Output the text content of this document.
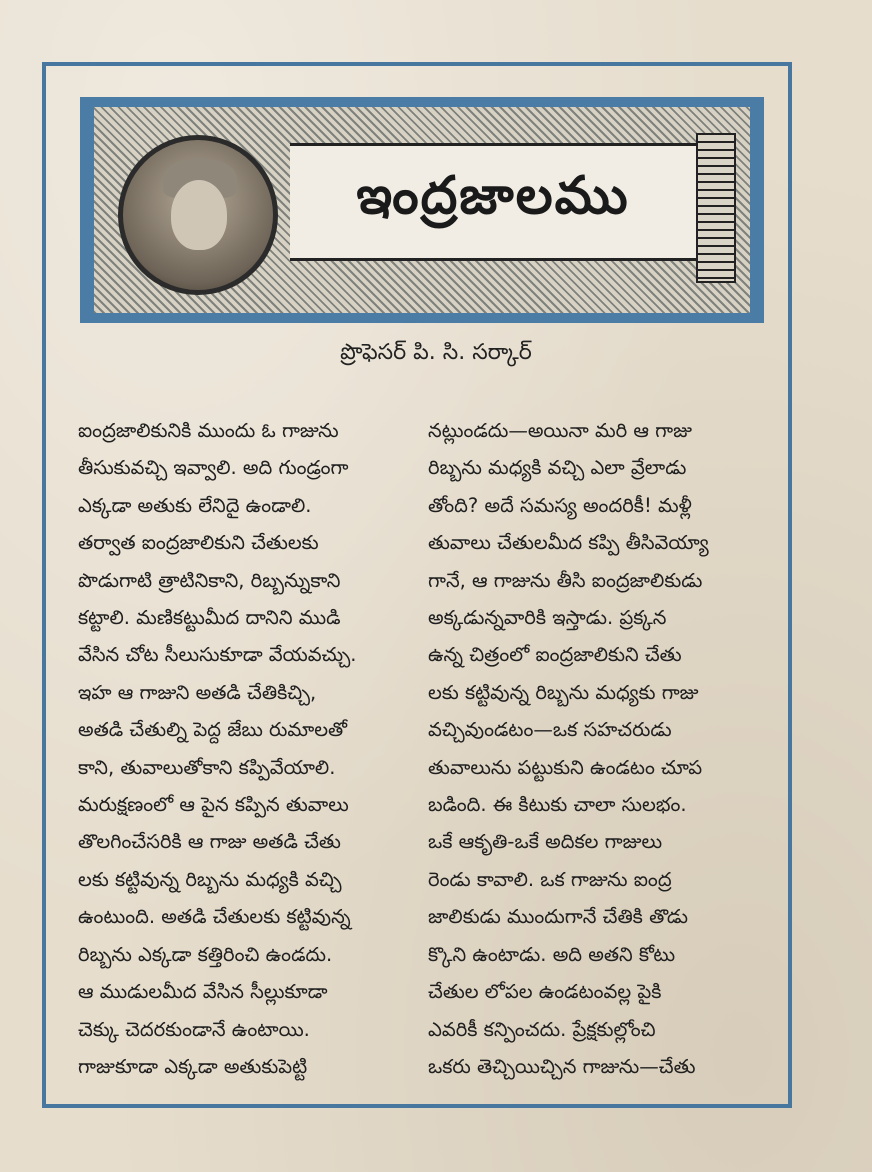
ఇంద్రజాలము
ప్రొఫెసర్ పి. సి. సర్కార్

ఐంద్రజాలికునికి ముందు ఓ గాజును

తీసుకువచ్చి ఇవ్వాలి. అది గుండ్రంగా

ఎక్కడా అతుకు లేనిదై ఉండాలి.

తర్వాత ఐంద్రజాలికుని చేతులకు

పొడుగాటి త్రాటినికాని, రిబ్బన్నుకాని

కట్టాలి. మణికట్టుమీద దానిని ముడి

వేసిన చోట సీలుసుకూడా వేయవచ్చు.

ఇహ ఆ గాజుని అతడి చేతికిచ్చి,

అతడి చేతుల్ని పెద్ద జేబు రుమాలతో

కాని, తువాలుతోకాని కప్పివేయాలి.

మరుక్షణంలో ఆ పైన కప్పిన తువాలు

తొలగించేసరికి ఆ గాజు అతడి చేతు

లకు కట్టివున్న రిబ్బను మధ్యకి వచ్చి

ఉంటుంది. అతడి చేతులకు కట్టివున్న

రిబ్బను ఎక్కడా కత్తిరించి ఉండదు.

ఆ ముడులమీద వేసిన సీల్లుకూడా

చెక్కు చెదరకుండానే ఉంటాయి.

గాజుకూడా ఎక్కడా అతుకుపెట్టి

నట్లుండదు—అయినా మరి ఆ గాజు

రిబ్బను మధ్యకి వచ్చి ఎలా వ్రేలాడు

తోంది? అదే సమస్య అందరికీ! మళ్లీ

తువాలు చేతులమీద కప్పి తీసివెయ్యా

గానే, ఆ గాజును తీసి ఐంద్రజాలికుడు

అక్కడున్నవారికి ఇస్తాడు. ప్రక్కన

ఉన్న చిత్రంలో ఐంద్రజాలికుని చేతు

లకు కట్టివున్న రిబ్బను మధ్యకు గాజు

వచ్చివుండటం—ఒక సహచరుడు

తువాలును పట్టుకుని ఉండటం చూప

బడింది. ఈ కిటుకు చాలా సులభం.

ఒకే ఆకృతి-ఒకే అదికల గాజులు

రెండు కావాలి. ఒక గాజును ఐంద్ర

జాలికుడు ముందుగానే చేతికి తొడు

క్కొని ఉంటాడు. అది అతని కోటు

చేతుల లోపల ఉండటంవల్ల పైకి

ఎవరికీ కన్పించదు. ప్రేక్షకుల్లోంచి

ఒకరు తెచ్చియిచ్చిన గాజును—చేతు
